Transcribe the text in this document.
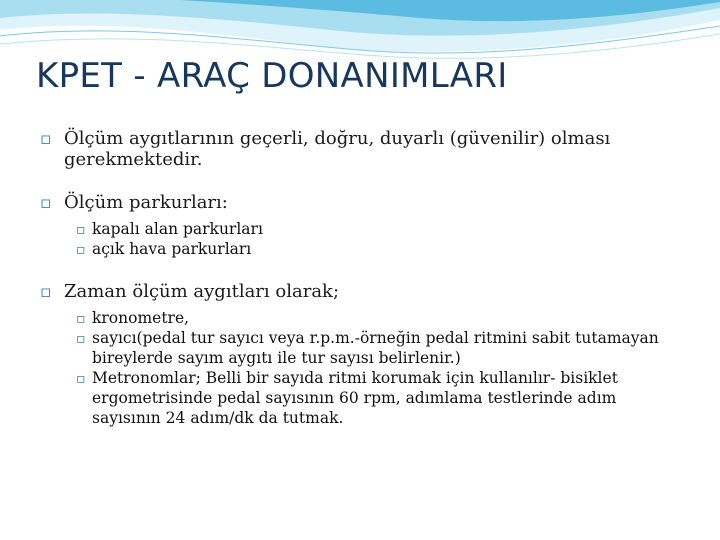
KPET - ARAÇ DONANIMLARI
▫ Ölçüm aygıtlarının geçerli, doğru, duyarlı (güvenilir) olması gerekmektedir.
▫ Ölçüm parkurları:
▫ kapalı alan parkurları
▫ açık hava parkurları
▫ Zaman ölçüm aygıtları olarak;
▫ kronometre,
▫ sayıcı(pedal tur sayıcı veya r.p.m.-örneğin pedal ritmini sabit tutamayan bireylerde sayım aygıtı ile tur sayısı belirlenir.)
▫ Metronomlar; Belli bir sayıda ritmi korumak için kullanılır- bisiklet ergometrisinde pedal sayısının 60 rpm, adımlama testlerinde adım sayısının 24 adım/dk da tutmak.
